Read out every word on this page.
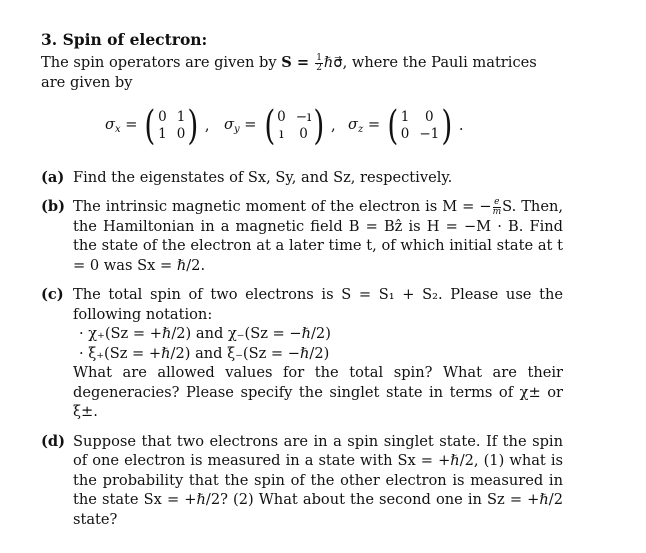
3. Spin of electron:

The spin operators are given by $S = \frac{1}{2}$ ℏσ⃗, where the Pauli matrices are given by

$\sigma_x$ = ( 0 1
1 0 ) , $\sigma_y$ = ( 0 −ı
ı 0 ) , $\sigma_z$ = ( 1	0
0 −1 ) .
(a) Find the eigenstates of Sx, Sy, and Sz, respectively.
(b) The intrinsic magnetic moment of the electron is M = − $\frac{e}{m} S$. Then, the Hamiltonian in a magnetic field B = Bẑ is H = −M · B. Find the state of the electron at a later time t, of which initial state at t = 0 was Sx = ℏ/2.
(c) The total spin of two electrons is S = S₁ + S₂. Please use the following notation:
· χ₊(Sz = +ℏ/2) and χ₋(Sz = −ℏ/2)
· ξ₊(Sz = +ℏ/2) and ξ₋(Sz = −ℏ/2)
What are allowed values for the total spin? What are their degeneracies? Please specify the singlet state in terms of χ± or ξ±.
(d) Suppose that two electrons are in a spin singlet state. If the spin of one electron is measured in a state with Sx = +ℏ/2, (1) what is the probability that the spin of the other electron is measured in the state Sx = +ℏ/2? (2) What about the second one in Sz = +ℏ/2 state?
